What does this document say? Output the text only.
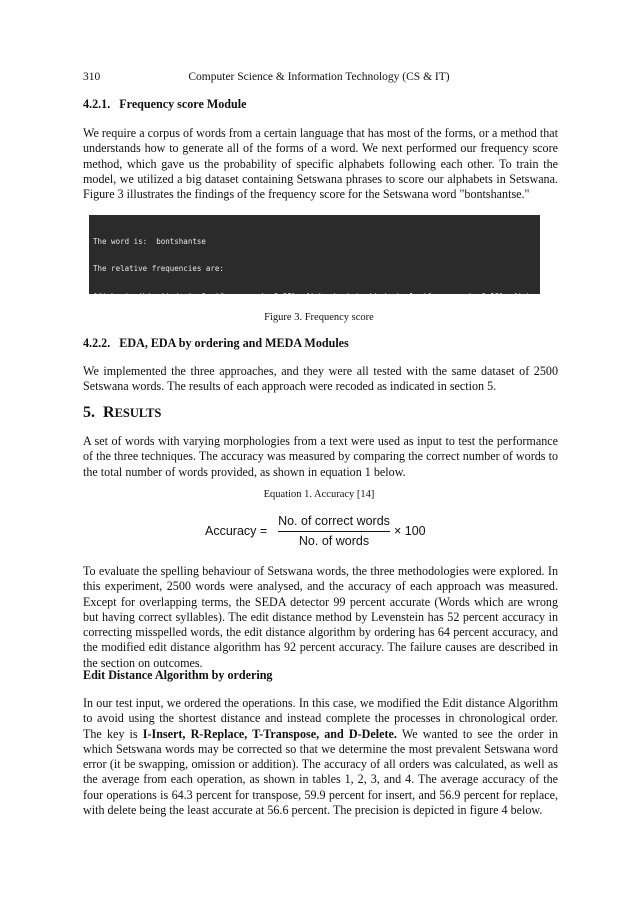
310	Computer Science & Information Technology (CS & IT)
4.2.1.   Frequency score Module
We require a corpus of words from a certain language that has most of the forms, or a method that understands how to generate all of the forms of a word. We next performed our frequency score method, which gave us the probability of specific alphabets following each other. To train the model, we utilized a big dataset containing Setswana phrases to score our alphabets in Setswana. Figure 3 illustrates the findings of the frequency score for the Setswana word "bontshantse."

The word is:  bontshantse

The relative frequencies are:

Figure 3. Frequency score
4.2.2.   EDA, EDA by ordering and MEDA Modules
We implemented the three approaches, and they were all tested with the same dataset of 2500 Setswana words. The results of each approach were recoded as indicated in section 5.
5. RESULTS
A set of words with varying morphologies from a text were used as input to test the performance of the three techniques. The accuracy was measured by comparing the correct number of words to the total number of words provided, as shown in equation 1 below.
Equation 1. Accuracy [14]
Accuracy =
No. of correct words
No. of words
× 100
To evaluate the spelling behaviour of Setswana words, the three methodologies were explored. In this experiment, 2500 words were analysed, and the accuracy of each approach was measured. Except for overlapping terms, the SEDA detector 99 percent accurate (Words which are wrong but having correct syllables). The edit distance method by Levenstein has 52 percent accuracy in correcting misspelled words, the edit distance algorithm by ordering has 64 percent accuracy, and the modified edit distance algorithm has 92 percent accuracy. The failure causes are described in the section on outcomes.
Edit Distance Algorithm by ordering
In our test input, we ordered the operations. In this case, we modified the Edit distance Algorithm to avoid using the shortest distance and instead complete the processes in chronological order. The key is I-Insert, R-Replace, T-Transpose, and D-Delete. We wanted to see the order in which Setswana words may be corrected so that we determine the most prevalent Setswana word error (it be swapping, omission or addition). The accuracy of all orders was calculated, as well as the average from each operation, as shown in tables 1, 2, 3, and 4. The average accuracy of the four operations is 64.3 percent for transpose, 59.9 percent for insert, and 56.9 percent for replace, with delete being the least accurate at 56.6 percent. The precision is depicted in figure 4 below.
